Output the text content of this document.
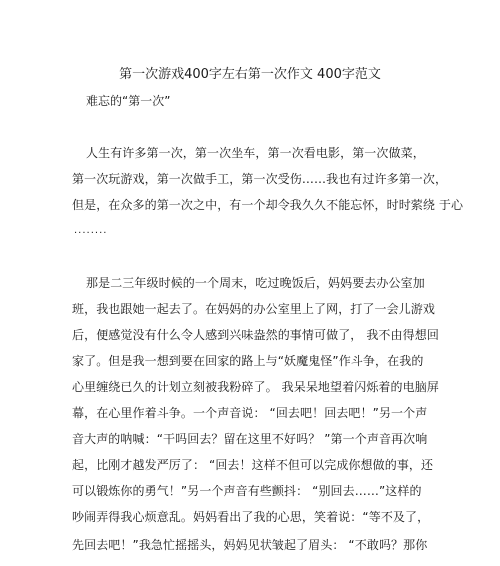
第一次游戏400字左右第一次作文 400字范文
难忘的“第一次”
人生有许多第一次，第一次坐车，第一次看电影，第一次做菜，
第一次玩游戏，第一次做手工，第一次受伤……我也有过许多第一次，
但是，在众多的第一次之中，有一个却令我久久不能忘怀，时时萦绕 于心
........
那是二三年级时候的一个周末，吃过晚饭后，妈妈要去办公室加
班，我也跟她一起去了。在妈妈的办公室里上了网，打了一会儿游戏
后，便感觉没有什么令人感到兴味盎然的事情可做了， 我不由得想回
家了。但是我一想到要在回家的路上与“妖魔鬼怪”作斗争，在我的
心里缠绕已久的计划立刻被我粉碎了。 我呆呆地望着闪烁着的电脑屏
幕，在心里作着斗争。一个声音说： “回去吧！回去吧！”另一个声
音大声的呐喊：“干吗回去？留在这里不好吗？ ”第一个声音再次响
起，比刚才越发严厉了： “回去！这样不但可以完成你想做的事，还
可以锻炼你的勇气！”另一个声音有些颤抖： “别回去……”这样的
吵闹弄得我心烦意乱。妈妈看出了我的心思，笑着说：“等不及了，
先回去吧！”我急忙摇摇头，妈妈见状皱起了眉头： “不敢吗？那你
